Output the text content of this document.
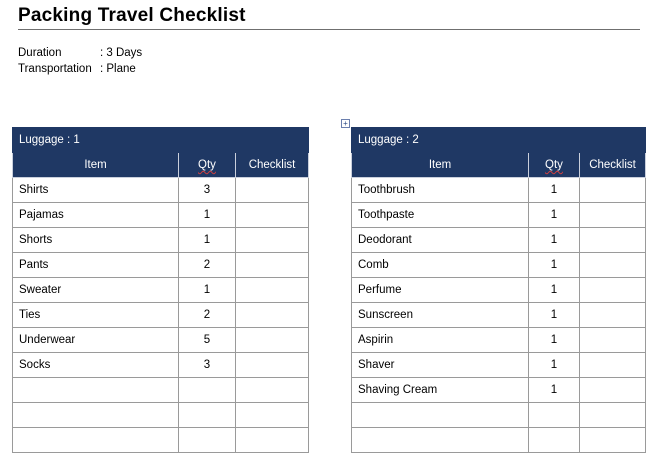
Packing Travel Checklist
Duration	: 3 Days
Transportation : Plane
+
Luggage : 1		
Item	Qty	Checklist
Shirts	3	
Pajamas	1	
Shorts	1	
Pants	2	
Sweater	1	
Ties	2	
Underwear	5	
Socks	3	

Luggage : 2		
Item	Qty	Checklist
Toothbrush	1	
Toothpaste	1	
Deodorant	1	
Comb	1	
Perfume	1	
Sunscreen	1	
Aspirin	1	
Shaver	1	
Shaving Cream	1	
